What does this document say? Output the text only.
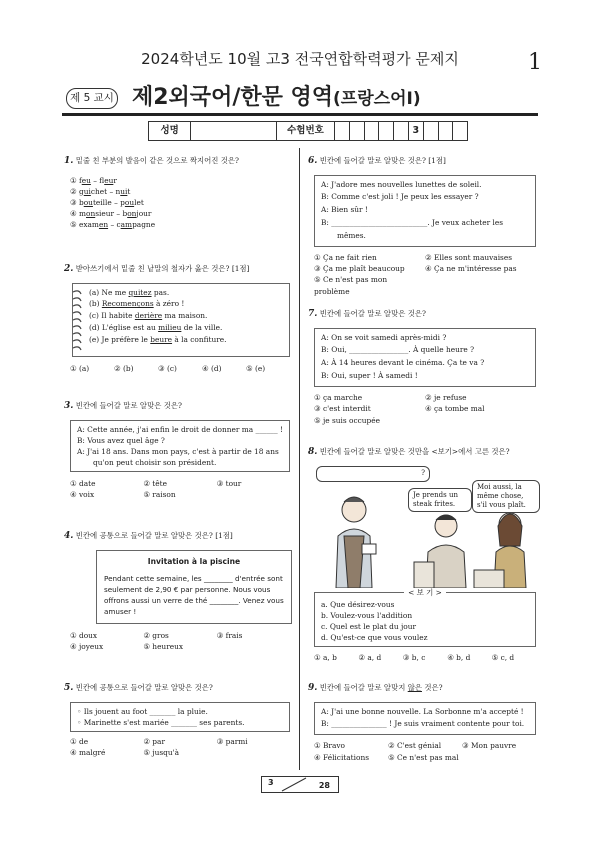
2024학년도 10월 고3 전국연합학력평가 문제지	1
제 5 교시 제2외국어/한문 영역(프랑스어Ⅰ)
성명	수험번호	3
1. 밑줄 친 부분의 발음이 같은 것으로 짝지어진 것은?
① feu – fleur
② guichet – nuit
③ bouteille – poulet
④ monsieur – bonjour
⑤ examen – campagne
2. 받아쓰기에서 밑줄 친 낱말의 철자가 옳은 것은? [1점]
(a) Ne me quitez pas.
(b) Recomençons à zéro !
(c) Il habite derière ma maison.
(d) L'église est au milieu de la ville.
(e) Je préfère le beure à la confiture.
① (a)	② (b)	③ (c)	④ (d)	⑤ (e)
3. 빈칸에 들어갈 말로 알맞은 것은?
A: Cette année, j'ai enfin le droit de donner ma ______ !
B: Vous avez quel âge ?
A: J'ai 18 ans. Dans mon pays, c'est à partir de 18 ans
qu'on peut choisir son président.
① date	② tête	③ tour
④ voix	⑤ raison
4. 빈칸에 공통으로 들어갈 말로 알맞은 것은? [1점]
Invitation à la piscine
Pendant cette semaine, les ________ d'entrée sont seulement de 2,90 € par personne. Nous vous offrons aussi un verre de thé ________. Venez vous amuser !
① doux	② gros	③ frais
④ joyeux	⑤ heureux
5. 빈칸에 공통으로 들어갈 말로 알맞은 것은?
◦ Ils jouent au foot _______ la pluie.
◦ Marinette s'est mariée _______ ses parents.
① de	② par	③ parmi
④ malgré	⑤ jusqu'à
6. 빈칸에 들어갈 말로 알맞은 것은? [1점]
A: J'adore mes nouvelles lunettes de soleil.
B: Comme c'est joli ! Je peux les essayer ?
A: Bien sûr !
B: __________________________. Je veux acheter les
mêmes.
① Ça ne fait rien	② Elles sont mauvaises
③ Ça me plaît beaucoup	④ Ça ne m'intéresse pas
⑤ Ce n'est pas mon problème
7. 빈칸에 들어갈 말로 알맞은 것은?
A: On se voit samedi après-midi ?
B: Oui, ________________. À quelle heure ?
A: À 14 heures devant le cinéma. Ça te va ?
B: Oui, super ! À samedi !
① ça marche	② je refuse
③ c'est interdit	④ ça tombe mal
⑤ je suis occupée
8. 빈칸에 들어갈 말로 알맞은 것만을 <보기>에서 고른 것은?
?
Je prends un steak frites.
Moi aussi, la même chose, s'il vous plaît.
< 보 기 >
a. Que désirez-vous
b. Voulez-vous l'addition
c. Quel est le plat du jour
d. Qu'est-ce que vous voulez
① a, b	② a, d	③ b, c	④ b, d	⑤ c, d
9. 빈칸에 들어갈 말로 알맞지 않은 것은?
A: J'ai une bonne nouvelle. La Sorbonne m'a accepté !
B: _______________ ! Je suis vraiment contente pour toi.
① Bravo	② C'est génial	③ Mon pauvre
④ Félicitations	⑤ Ce n'est pas mal
3	28
